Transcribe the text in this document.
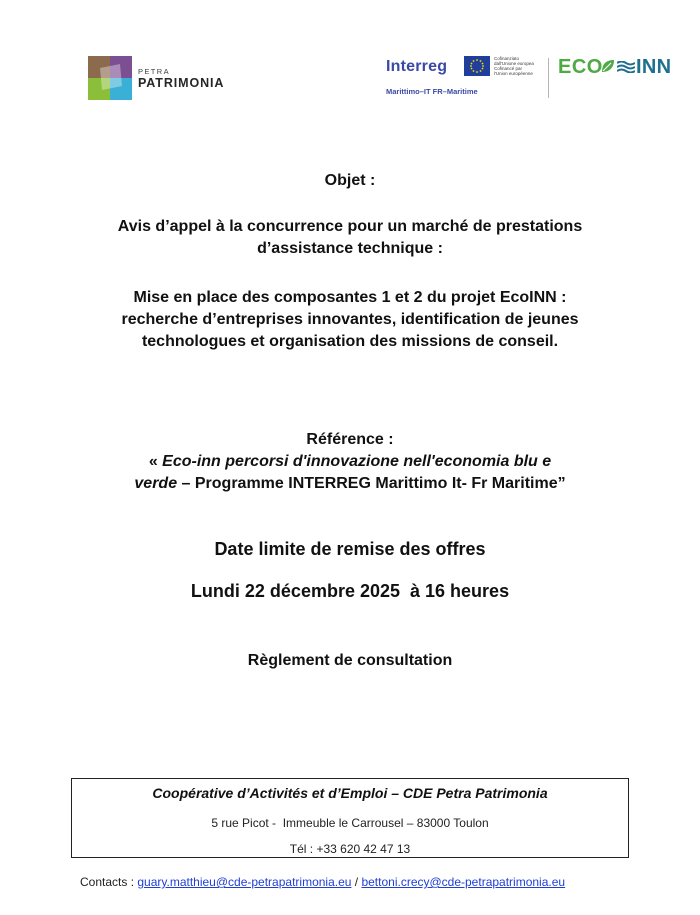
PETRA
PATRIMONIA
Interreg	Cofinanziato
dall'Unione europea
Cofinancé par
l'Union européenne
Marittimo–IT FR–Maritime
ECO INN
Objet :
Avis d’appel à la concurrence pour un marché de prestations
d’assistance technique :
Mise en place des composantes 1 et 2 du projet EcoINN :
recherche d’entreprises innovantes, identification de jeunes
technologues et organisation des missions de conseil.
Référence :
« Eco-inn percorsi d'innovazione nell'economia blu e
verde – Programme INTERREG Marittimo It- Fr Maritime”
Date limite de remise des offres
Lundi 22 décembre 2025  à 16 heures
Règlement de consultation
Coopérative d’Activités et d’Emploi – CDE Petra Patrimonia
5 rue Picot -  Immeuble le Carrousel – 83000 Toulon
Tél : +33 620 42 47 13
Contacts : guary.matthieu@cde-petrapatrimonia.eu / bettoni.crecy@cde-petrapatrimonia.eu
